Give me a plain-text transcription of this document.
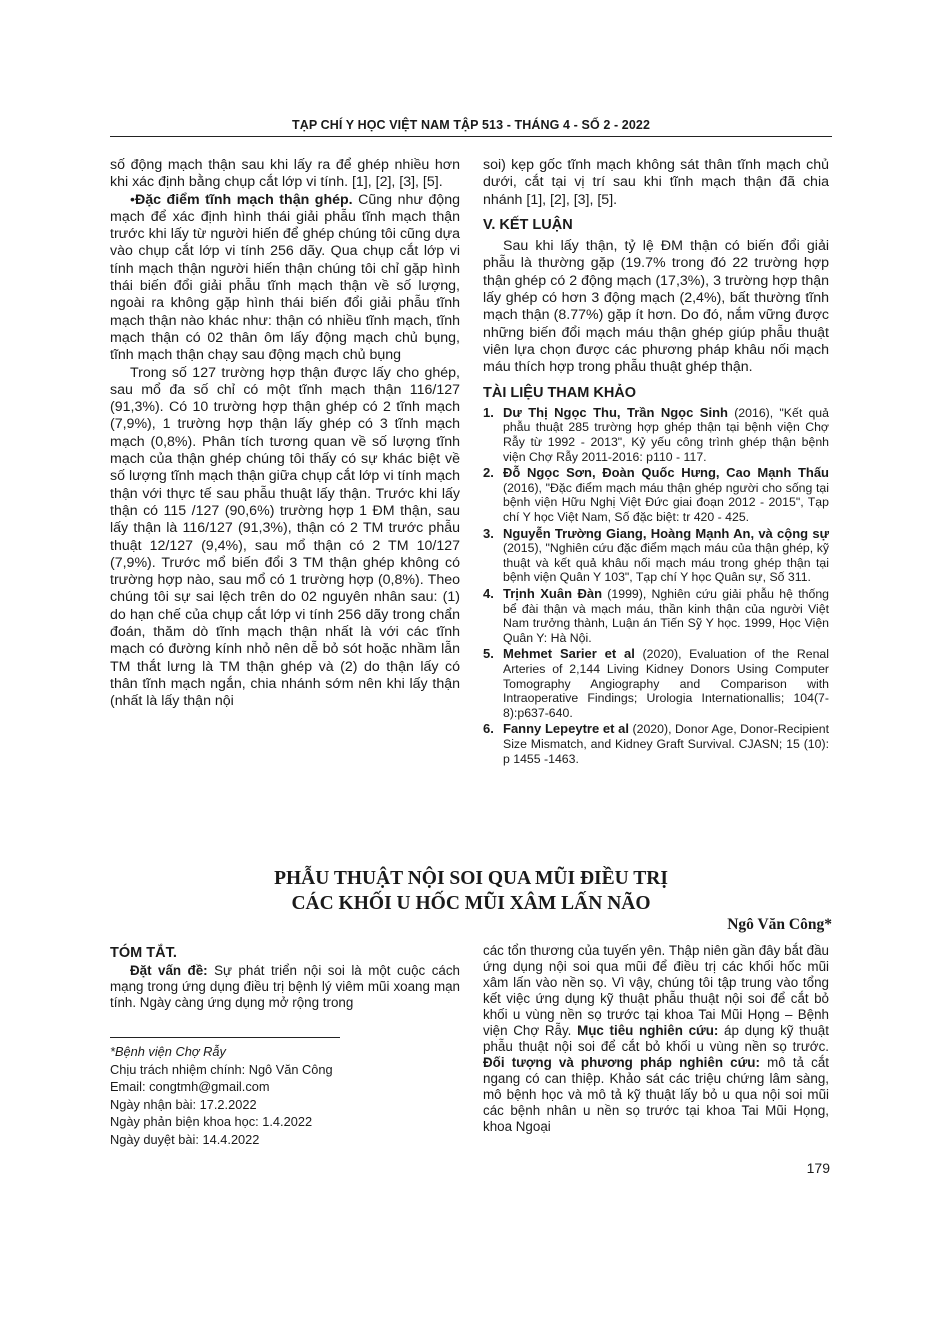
TẠP CHÍ Y HỌC VIỆT NAM TẬP 513 - THÁNG 4 - SỐ 2 - 2022

số động mạch thận sau khi lấy ra để ghép nhiều hơn khi xác định bằng chụp cắt lớp vi tính. [1], [2], [3], [5].

•Đặc điểm tĩnh mạch thận ghép. Cũng như động mạch để xác định hình thái giải phẫu tĩnh mạch thận trước khi lấy từ người hiến để ghép chúng tôi cũng dựa vào chụp cắt lớp vi tính 256 dãy. Qua chụp cắt lớp vi tính mạch thận người hiến thận chúng tôi chỉ gặp hình thái biến đổi giải phẫu tĩnh mạch thận về số lượng, ngoài ra không gặp hình thái biến đổi giải phẫu tĩnh mạch thận nào khác như: thận có nhiều tĩnh mạch, tĩnh mạch thận có 02 thân ôm lấy động mạch chủ bụng, tĩnh mạch thận chạy sau động mạch chủ bụng

Trong số 127 trường hợp thận được lấy cho ghép, sau mổ đa số chỉ có một tĩnh mạch thận 116/127 (91,3%). Có 10 trường hợp thận ghép có 2 tĩnh mạch (7,9%), 1 trường hợp thận lấy ghép có 3 tĩnh mạch mạch (0,8%). Phân tích tương quan về số lượng tĩnh mạch của thận ghép chúng tôi thấy có sự khác biệt về số lượng tĩnh mạch thận giữa chụp cắt lớp vi tính mạch thận với thực tế sau phẫu thuật lấy thận. Trước khi lấy thận có 115 /127 (90,6%) trường hợp 1 ĐM thận, sau lấy thận là 116/127 (91,3%), thận có 2 TM trước phẫu thuật 12/127 (9,4%), sau mổ thận có 2 TM 10/127 (7,9%). Trước mổ biến đổi 3 TM thận ghép không có trường hợp nào, sau mổ có 1 trường hợp (0,8%). Theo chúng tôi sự sai lệch trên do 02 nguyên nhân sau: (1) do hạn chế của chụp cắt lớp vi tính 256 dãy trong chẩn đoán, thăm dò tĩnh mạch thận nhất là với các tĩnh mạch có đường kính nhỏ nên dễ bỏ sót hoặc nhầm lẫn TM thắt lưng là TM thận ghép và (2) do thận lấy có thân tĩnh mạch ngắn, chia nhánh sớm nên khi lấy thận (nhất là lấy thận nội

soi) kẹp gốc tĩnh mạch không sát thân tĩnh mạch chủ dưới, cắt tại vị trí sau khi tĩnh mạch thận đã chia nhánh [1], [2], [3], [5].

V. KẾT LUẬN

Sau khi lấy thận, tỷ lệ ĐM thận có biến đổi giải phẫu là thường gặp (19.7% trong đó 22 trường hợp thận ghép có 2 động mạch (17,3%), 3 trường hợp thận lấy ghép có hơn 3 động mạch (2,4%), bất thường tĩnh mạch thận (8.77%) gặp ít hơn. Do đó, nắm vững được những biến đổi mạch máu thận ghép giúp phẫu thuật viên lựa chọn được các phương pháp khâu nối mạch máu thích hợp trong phẫu thuật ghép thận.

TÀI LIỆU THAM KHẢO
1. Dư Thị Ngọc Thu, Trần Ngọc Sinh (2016), "Kết quả phẫu thuật 285 trường hợp ghép thận tại bệnh viện Chợ Rẫy từ 1992 - 2013", Kỷ yếu công trình ghép thận bệnh viện Chợ Rẫy 2011-2016: p110 - 117.
2. Đỗ Ngọc Sơn, Đoàn Quốc Hưng, Cao Mạnh Thấu (2016), "Đặc điểm mạch máu thận ghép người cho sống tại bệnh viện Hữu Nghị Việt Đức giai đoạn 2012 - 2015", Tạp chí Y học Việt Nam, Số đặc biệt: tr 420 - 425.
3. Nguyễn Trường Giang, Hoàng Mạnh An, và cộng sự (2015), "Nghiên cứu đặc điểm mạch máu của thận ghép, kỹ thuật và kết quả khâu nối mạch máu trong ghép thận tại bệnh viện Quân Y 103", Tạp chí Y học Quân sự, Số 311.
4. Trịnh Xuân Đàn (1999), Nghiên cứu giải phẫu hệ thống bể đài thận và mạch máu, thần kinh thận của người Việt Nam trưởng thành, Luận án Tiến Sỹ Y học. 1999, Học Viện Quân Y: Hà Nội.
5. Mehmet Sarier et al (2020), Evaluation of the Renal Arteries of 2,144 Living Kidney Donors Using Computer Tomography Angiography and Comparison with Intraoperative Findings; Urologia Internationallis; 104(7-8):p637-640.
6. Fanny Lepeytre et al (2020), Donor Age, Donor-Recipient Size Mismatch, and Kidney Graft Survival. CJASN; 15 (10): p 1455 -1463.
PHẪU THUẬT NỘI SOI QUA MŨI ĐIỀU TRỊ
CÁC KHỐI U HỐC MŨI XÂM LẤN NÃO
Ngô Văn Công*
TÓM TẮT.

Đặt vấn đề: Sự phát triển nội soi là một cuộc cách mạng trong ứng dụng điều trị bệnh lý viêm mũi xoang mạn tính. Ngày càng ứng dụng mở rộng trong

*Bệnh viện Chợ Rẫy

Chịu trách nhiệm chính: Ngô Văn Công

Email: congtmh@gmail.com

Ngày nhận bài: 17.2.2022

Ngày phản biện khoa học: 1.4.2022

Ngày duyệt bài: 14.4.2022

các tổn thương của tuyến yên. Thập niên gần đây bắt đầu ứng dụng nội soi qua mũi để điều trị các khối hốc mũi xâm lấn vào nền sọ. Vì vậy, chúng tôi tập trung vào tổng kết việc ứng dụng kỹ thuật phẫu thuật nội soi để cắt bỏ khối u vùng nền sọ trước tại khoa Tai Mũi Họng – Bệnh viện Chợ Rẫy. Mục tiêu nghiên cứu: áp dụng kỹ thuật phẫu thuật nội soi để cắt bỏ khối u vùng nền sọ trước. Đối tượng và phương pháp nghiên cứu: mô tả cắt ngang có can thiệp. Khảo sát các triệu chứng lâm sàng, mô bệnh học và mô tả kỹ thuật lấy bỏ u qua nội soi mũi các bệnh nhân u nền sọ trước tại khoa Tai Mũi Họng, khoa Ngoại

179
